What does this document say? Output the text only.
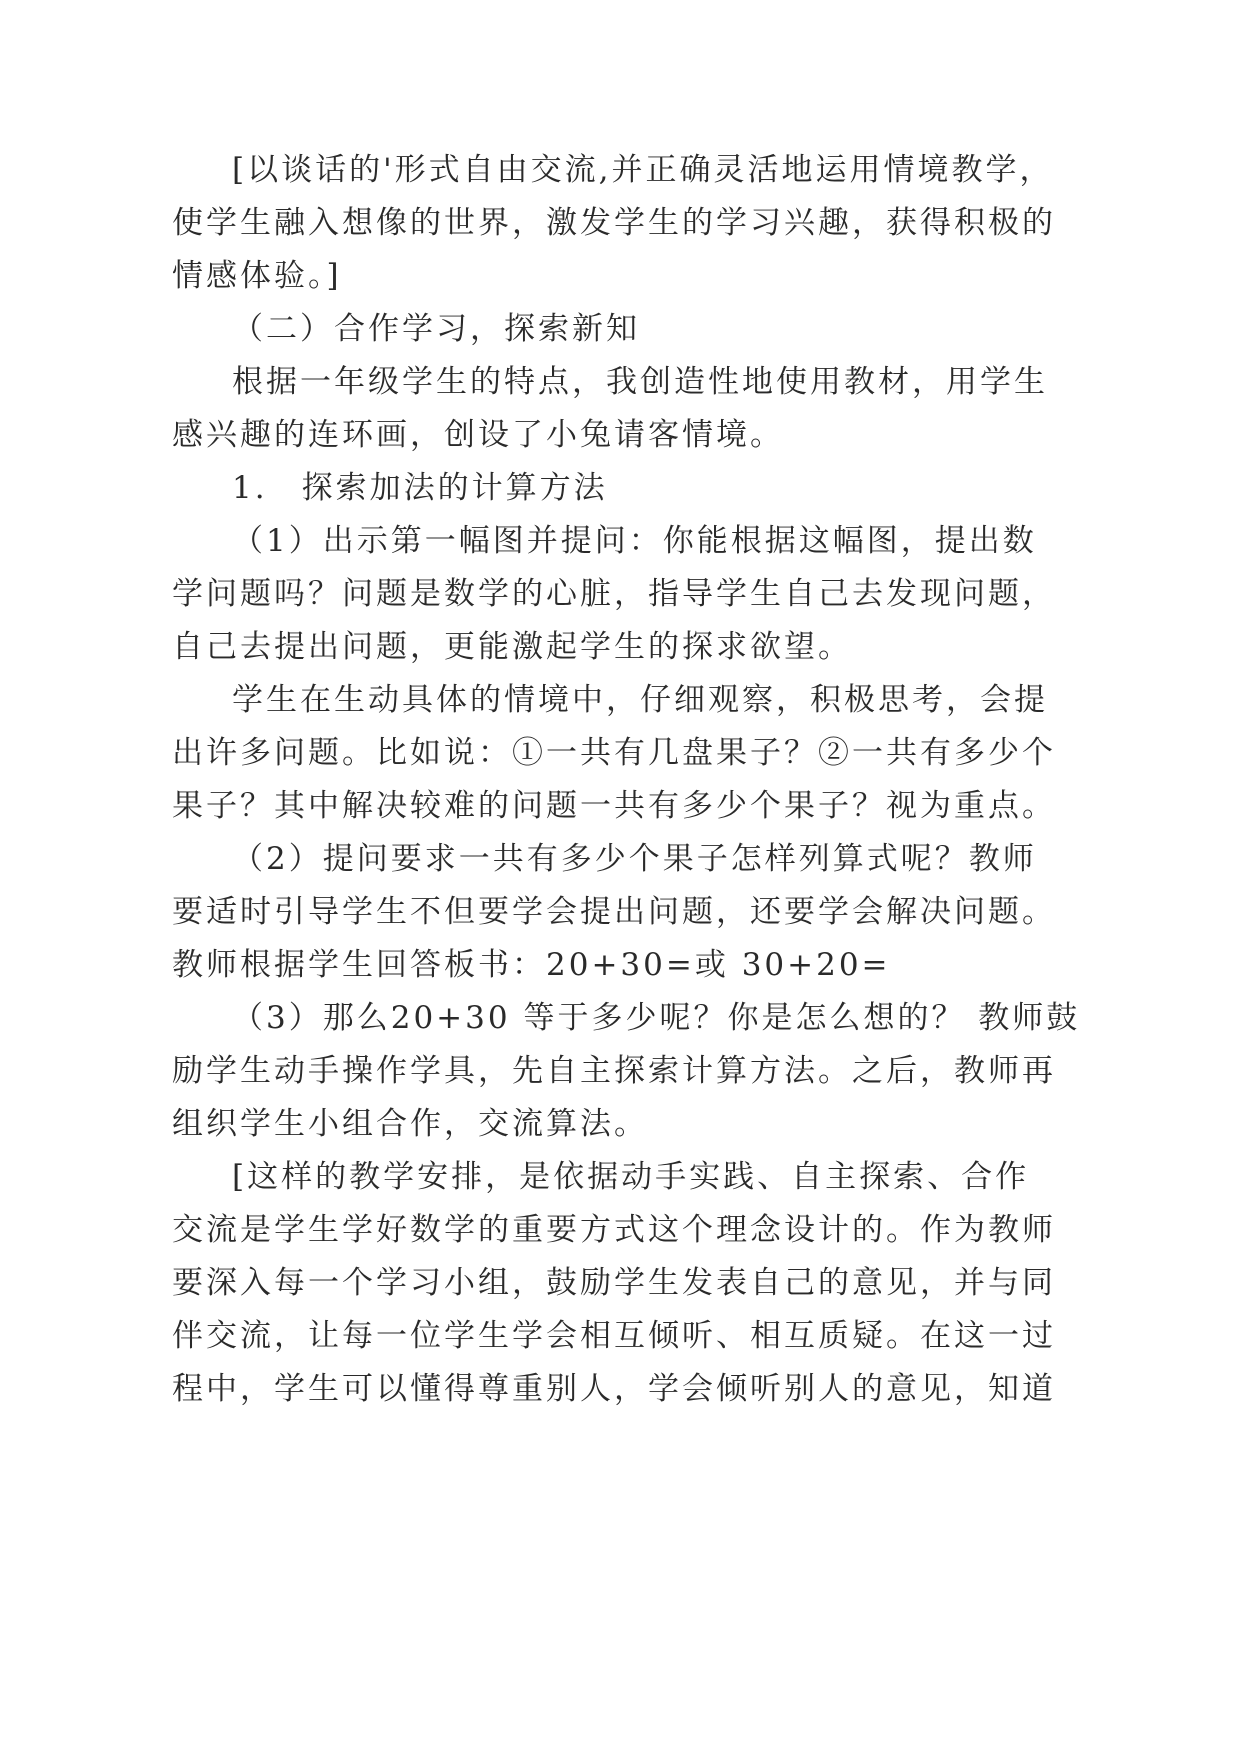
[以谈话的'形式自由交流,并正确灵活地运用情境教学，

使学生融入想像的世界，激发学生的学习兴趣，获得积极的

情感体验。]

（二）合作学习，探索新知

根据一年级学生的特点，我创造性地使用教材，用学生

感兴趣的连环画，创设了小兔请客情境。

1.　探索加法的计算方法

（1）出示第一幅图并提问：你能根据这幅图，提出数

学问题吗？问题是数学的心脏，指导学生自己去发现问题，

自己去提出问题，更能激起学生的探求欲望。

学生在生动具体的情境中，仔细观察，积极思考，会提

出许多问题。比如说：①一共有几盘果子？②一共有多少个

果子？其中解决较难的问题一共有多少个果子？视为重点。

（2）提问要求一共有多少个果子怎样列算式呢？教师

要适时引导学生不但要学会提出问题，还要学会解决问题。

教师根据学生回答板书：20+30=或 30+20=

（3）那么20+30 等于多少呢？你是怎么想的？ 教师鼓

励学生动手操作学具，先自主探索计算方法。之后，教师再

组织学生小组合作，交流算法。

[这样的教学安排，是依据动手实践、自主探索、合作

交流是学生学好数学的重要方式这个理念设计的。作为教师

要深入每一个学习小组，鼓励学生发表自己的意见，并与同

伴交流，让每一位学生学会相互倾听、相互质疑。在这一过

程中，学生可以懂得尊重别人，学会倾听别人的意见，知道
